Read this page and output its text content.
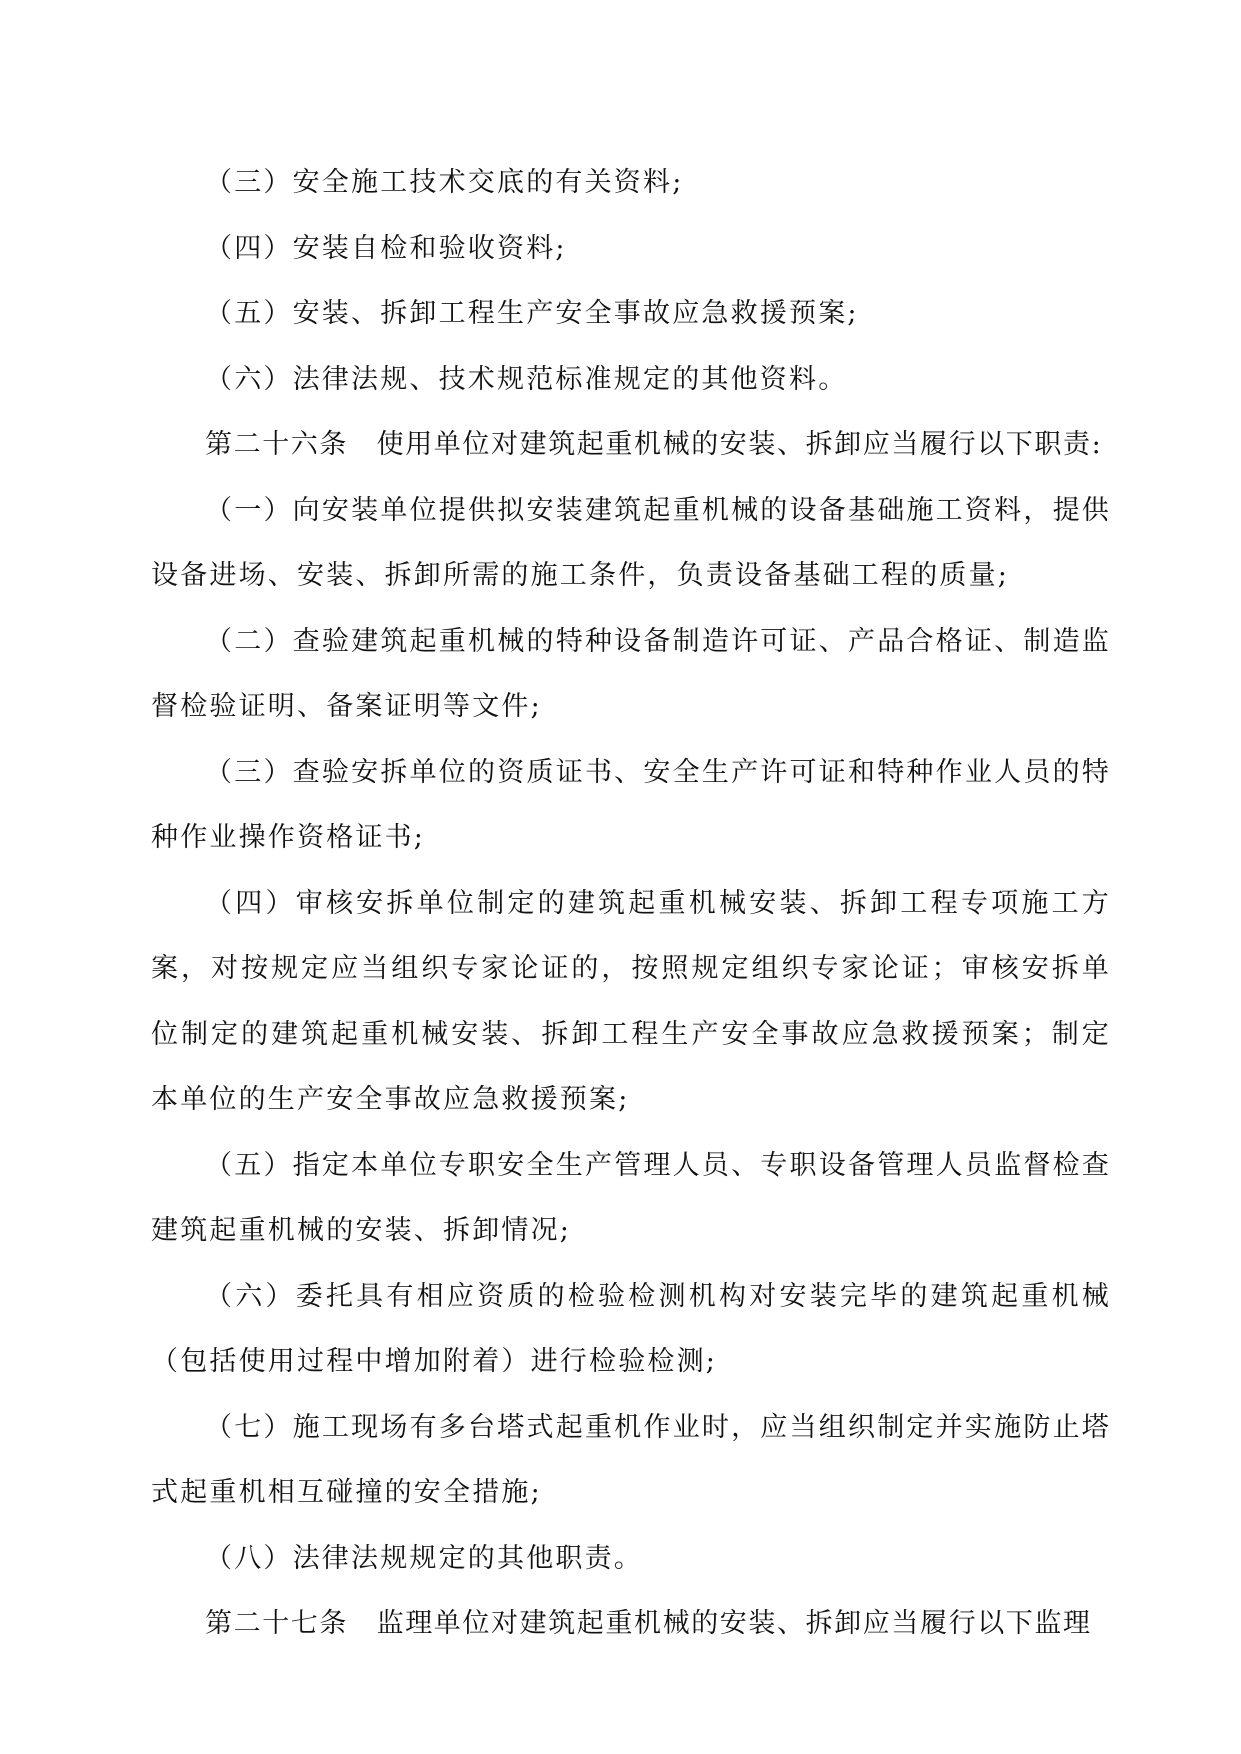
（三）安全施工技术交底的有关资料;

（四）安装自检和验收资料;

（五）安装、拆卸工程生产安全事故应急救援预案;

（六）法律法规、技术规范标准规定的其他资料。

第二十六条　使用单位对建筑起重机械的安装、拆卸应当履行以下职责:

（一）向安装单位提供拟安装建筑起重机械的设备基础施工资料，提供设备进场、安装、拆卸所需的施工条件，负责设备基础工程的质量;

（二）查验建筑起重机械的特种设备制造许可证、产品合格证、制造监督检验证明、备案证明等文件;

（三）查验安拆单位的资质证书、安全生产许可证和特种作业人员的特种作业操作资格证书;

（四）审核安拆单位制定的建筑起重机械安装、拆卸工程专项施工方案，对按规定应当组织专家论证的，按照规定组织专家论证；审核安拆单位制定的建筑起重机械安装、拆卸工程生产安全事故应急救援预案；制定本单位的生产安全事故应急救援预案;

（五）指定本单位专职安全生产管理人员、专职设备管理人员监督检查建筑起重机械的安装、拆卸情况;

（六）委托具有相应资质的检验检测机构对安装完毕的建筑起重机械（包括使用过程中增加附着）进行检验检测;

（七）施工现场有多台塔式起重机作业时，应当组织制定并实施防止塔式起重机相互碰撞的安全措施;

（八）法律法规规定的其他职责。

第二十七条　监理单位对建筑起重机械的安装、拆卸应当履行以下监理
